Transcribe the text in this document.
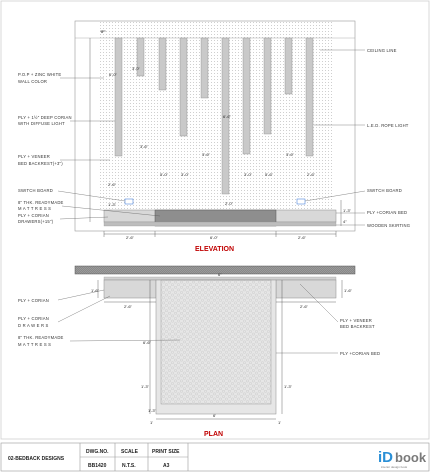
6'-0"
3'-0"
3'-6"
5'-0"	3'-0"
3'-6"
3'-0"	5'-6"
3'-6"
2'-6"
2'-0"
6'-6"
2'-6"	6'-0"	2'-6"
8"
2'-6"
1'-3"
1'-3"
4"
P.O.P + ZINC WHITE
WALL COLOR
PLY + 1½" DEEP CORIAN
WITH DIFFUSE LIGHT
PLY + VENEER
BED BACKREST(+3")
SWITCH BOARD
8" THK. READYMADE
M A T T R E S S
PLY + CORIAN
DRAWERS(+15")
CEILING LINE
L.E.D. ROPE LIGHT
SWITCH BOARD
PLY +CORIAN BED
WOODEN SKIRTING
ELEVATION
6"
2'-6"	2'-6"
1'-6"	1'-6"
6'-6"
6'
1'-3"	1'-3"
1'-3"
1'	1'
PLY + CORIAN
PLY + CORIAN
D R A W E R S
8" THK. READYMADE
M A T T R E S S
PLY + VENEER
BED BACKREST
PLY +CORIAN BED
PLAN
02-BEDBACK DESIGNS
DWG.NO.
BB1420
SCALE
N.T.S.
PRINT SIZE
A3	iD book
interior design book
